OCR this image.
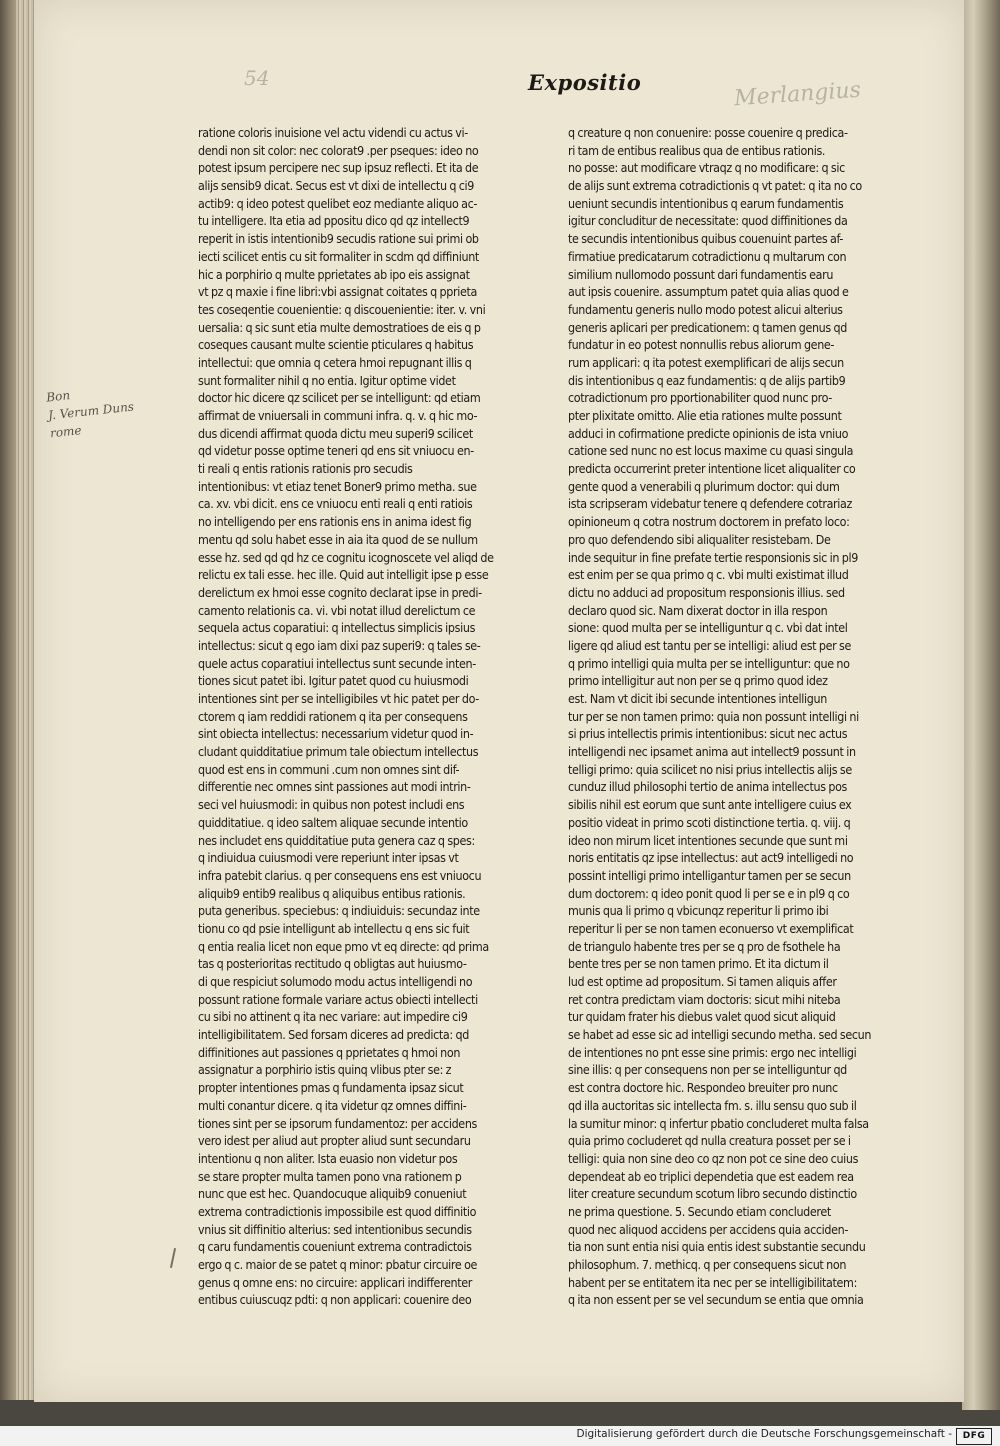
54	Merlangius
Expositio
Bon
J. Verum Duns
rome
ratione coloris inuisione vel actu videndi cu actus vi-
dendi non sit color: nec colorat9 .per pseques: ideo no
potest ipsum percipere nec sup ipsuz reflecti. Et ita de
alijs sensib9 dicat. Secus est vt dixi de intellectu q ci9
actib9: q ideo potest quelibet eoz mediante aliquo ac-
tu intelligere. Ita etia ad ppositu dico qd qz intellect9
reperit in istis intentionib9 secudis ratione sui primi ob
iecti scilicet entis cu sit formaliter in scdm qd diffiniunt
hic a porphirio q multe pprietates ab ipo eis assignat
vt pz q maxie i fine libri:vbi assignat coitates q pprieta
tes coseqentie couenientie: q discouenientie: iter. v. vni
uersalia: q sic sunt etia multe demostratioes de eis q p
coseques causant multe scientie pticulares q habitus
intellectui: que omnia q cetera hmoi repugnant illis q
sunt formaliter nihil q no entia. Igitur optime videt
doctor hic dicere qz scilicet per se intelligunt: qd etiam
affirmat de vniuersali in communi infra. q. v. q hic mo-
dus dicendi affirmat quoda dictu meu superi9 scilicet
qd videtur posse optime teneri qd ens sit vniuocu en-
ti reali q entis rationis rationis pro secudis
intentionibus: vt etiaz tenet Boner9 primo metha. sue
ca. xv. vbi dicit. ens ce vniuocu enti reali q enti ratiois
no intelligendo per ens rationis ens in anima idest fig
mentu qd solu habet esse in aia ita quod de se nullum
esse hz. sed qd qd hz ce cognitu icognoscete vel aliqd de
relictu ex tali esse. hec ille. Quid aut intelligit ipse p esse
derelictum ex hmoi esse cognito declarat ipse in predi-
camento relationis ca. vi. vbi notat illud derelictum ce
sequela actus coparatiui: q intellectus simplicis ipsius
intellectus: sicut q ego iam dixi paz superi9: q tales se-
quele actus coparatiui intellectus sunt secunde inten-
tiones sicut patet ibi. Igitur patet quod cu huiusmodi
intentiones sint per se intelligibiles vt hic patet per do-
ctorem q iam reddidi rationem q ita per consequens
sint obiecta intellectus: necessarium videtur quod in-
cludant quidditatiue primum tale obiectum intellectus
quod est ens in communi .cum non omnes sint dif-
differentie nec omnes sint passiones aut modi intrin-
seci vel huiusmodi: in quibus non potest includi ens
quidditatiue. q ideo saltem aliquae secunde intentio
nes includet ens quidditatiue puta genera caz q spes:
q indiuidua cuiusmodi vere reperiunt inter ipsas vt
infra patebit clarius. q per consequens ens est vniuocu
aliquib9 entib9 realibus q aliquibus entibus rationis.
puta generibus. speciebus: q indiuiduis: secundaz inte
tionu co qd psie intelligunt ab intellectu q ens sic fuit
q entia realia licet non eque pmo vt eq directe: qd prima
tas q posterioritas rectitudo q obligtas aut huiusmo-
di que respiciut solumodo modu actus intelligendi no
possunt ratione formale variare actus obiecti intellecti
cu sibi no attinent q ita nec variare: aut impedire ci9
intelligibilitatem. Sed forsam diceres ad predicta: qd
diffinitiones aut passiones q pprietates q hmoi non
assignatur a porphirio istis quinq vlibus pter se: z
propter intentiones pmas q fundamenta ipsaz sicut
multi conantur dicere. q ita videtur qz omnes diffini-
tiones sint per se ipsorum fundamentoz: per accidens
vero idest per aliud aut propter aliud sunt secundaru
intentionu q non aliter. Ista euasio non videtur pos
se stare propter multa tamen pono vna rationem p
nunc que est hec. Quandocuque aliquib9 conueniut
extrema contradictionis impossibile est quod diffinitio
vnius sit diffinitio alterius: sed intentionibus secundis
q caru fundamentis coueniunt extrema contradictois
ergo q c. maior de se patet q minor: pbatur circuire oe
genus q omne ens: no circuire: applicari indifferenter
entibus cuiuscuqz pdti: q non applicari: couenire deo
q creature q non conuenire: posse couenire q predica-
ri tam de entibus realibus qua de entibus rationis.
no posse: aut modificare vtraqz q no modificare: q sic
de alijs sunt extrema cotradictionis q vt patet: q ita no co
ueniunt secundis intentionibus q earum fundamentis
igitur concluditur de necessitate: quod diffinitiones da
te secundis intentionibus quibus couenuint partes af-
firmatiue predicatarum cotradictionu q multarum con
similium nullomodo possunt dari fundamentis earu
aut ipsis couenire. assumptum patet quia alias quod e
fundamentu generis nullo modo potest alicui alterius
generis aplicari per predicationem: q tamen genus qd
fundatur in eo potest nonnullis rebus aliorum gene-
rum applicari: q ita potest exemplificari de alijs secun
dis intentionibus q eaz fundamentis: q de alijs partib9
cotradictionum pro pportionabiliter quod nunc pro-
pter plixitate omitto. Alie etia rationes multe possunt
adduci in cofirmatione predicte opinionis de ista vniuo
catione sed nunc no est locus maxime cu quasi singula
predicta occurrerint preter intentione licet aliqualiter co
gente quod a venerabili q plurimum doctor: qui dum
ista scripseram videbatur tenere q defendere cotrariaz
opinioneum q cotra nostrum doctorem in prefato loco:
pro quo defendendo sibi aliqualiter resistebam. De
inde sequitur in fine prefate tertie responsionis sic in pl9
est enim per se qua primo q c. vbi multi existimat illud
dictu no adduci ad propositum responsionis illius. sed
declaro quod sic. Nam dixerat doctor in illa respon
sione: quod multa per se intelliguntur q c. vbi dat intel
ligere qd aliud est tantu per se intelligi: aliud est per se
q primo intelligi quia multa per se intelliguntur: que no
primo intelligitur aut non per se q primo quod idez
est. Nam vt dicit ibi secunde intentiones intelligun
tur per se non tamen primo: quia non possunt intelligi ni
si prius intellectis primis intentionibus: sicut nec actus
intelligendi nec ipsamet anima aut intellect9 possunt in
telligi primo: quia scilicet no nisi prius intellectis alijs se
cunduz illud philosophi tertio de anima intellectus pos
sibilis nihil est eorum que sunt ante intelligere cuius ex
positio videat in primo scoti distinctione tertia. q. viij. q
ideo non mirum licet intentiones secunde que sunt mi
noris entitatis qz ipse intellectus: aut act9 intelligedi no
possint intelligi primo intelligantur tamen per se secun
dum doctorem: q ideo ponit quod li per se e in pl9 q co
munis qua li primo q vbicunqz reperitur li primo ibi
reperitur li per se non tamen econuerso vt exemplificat
de triangulo habente tres per se q pro de fsothele ha
bente tres per se non tamen primo. Et ita dictum il
lud est optime ad propositum. Si tamen aliquis affer
ret contra predictam viam doctoris: sicut mihi niteba
tur quidam frater his diebus valet quod sicut aliquid
se habet ad esse sic ad intelligi secundo metha. sed secun
de intentiones no pnt esse sine primis: ergo nec intelligi
sine illis: q per consequens non per se intelliguntur qd
est contra doctore hic. Respondeo breuiter pro nunc
qd illa auctoritas sic intellecta fm. s. illu sensu quo sub il
la sumitur minor: q infertur pbatio concluderet multa falsa
quia primo cocluderet qd nulla creatura posset per se i
telligi: quia non sine deo co qz non pot ce sine deo cuius
dependeat ab eo triplici dependetia que est eadem rea
liter creature secundum scotum libro secundo distinctio
ne prima questione. 5. Secundo etiam concluderet
quod nec aliquod accidens per accidens quia acciden-
tia non sunt entia nisi quia entis idest substantie secundu
philosophum. 7. methicq. q per consequens sicut non
habent per se entitatem ita nec per se intelligibilitatem:
q ita non essent per se vel secundum se entia que omnia
Digitalisierung gefördert durch die Deutsche Forschungsgemeinschaft -	DFG
